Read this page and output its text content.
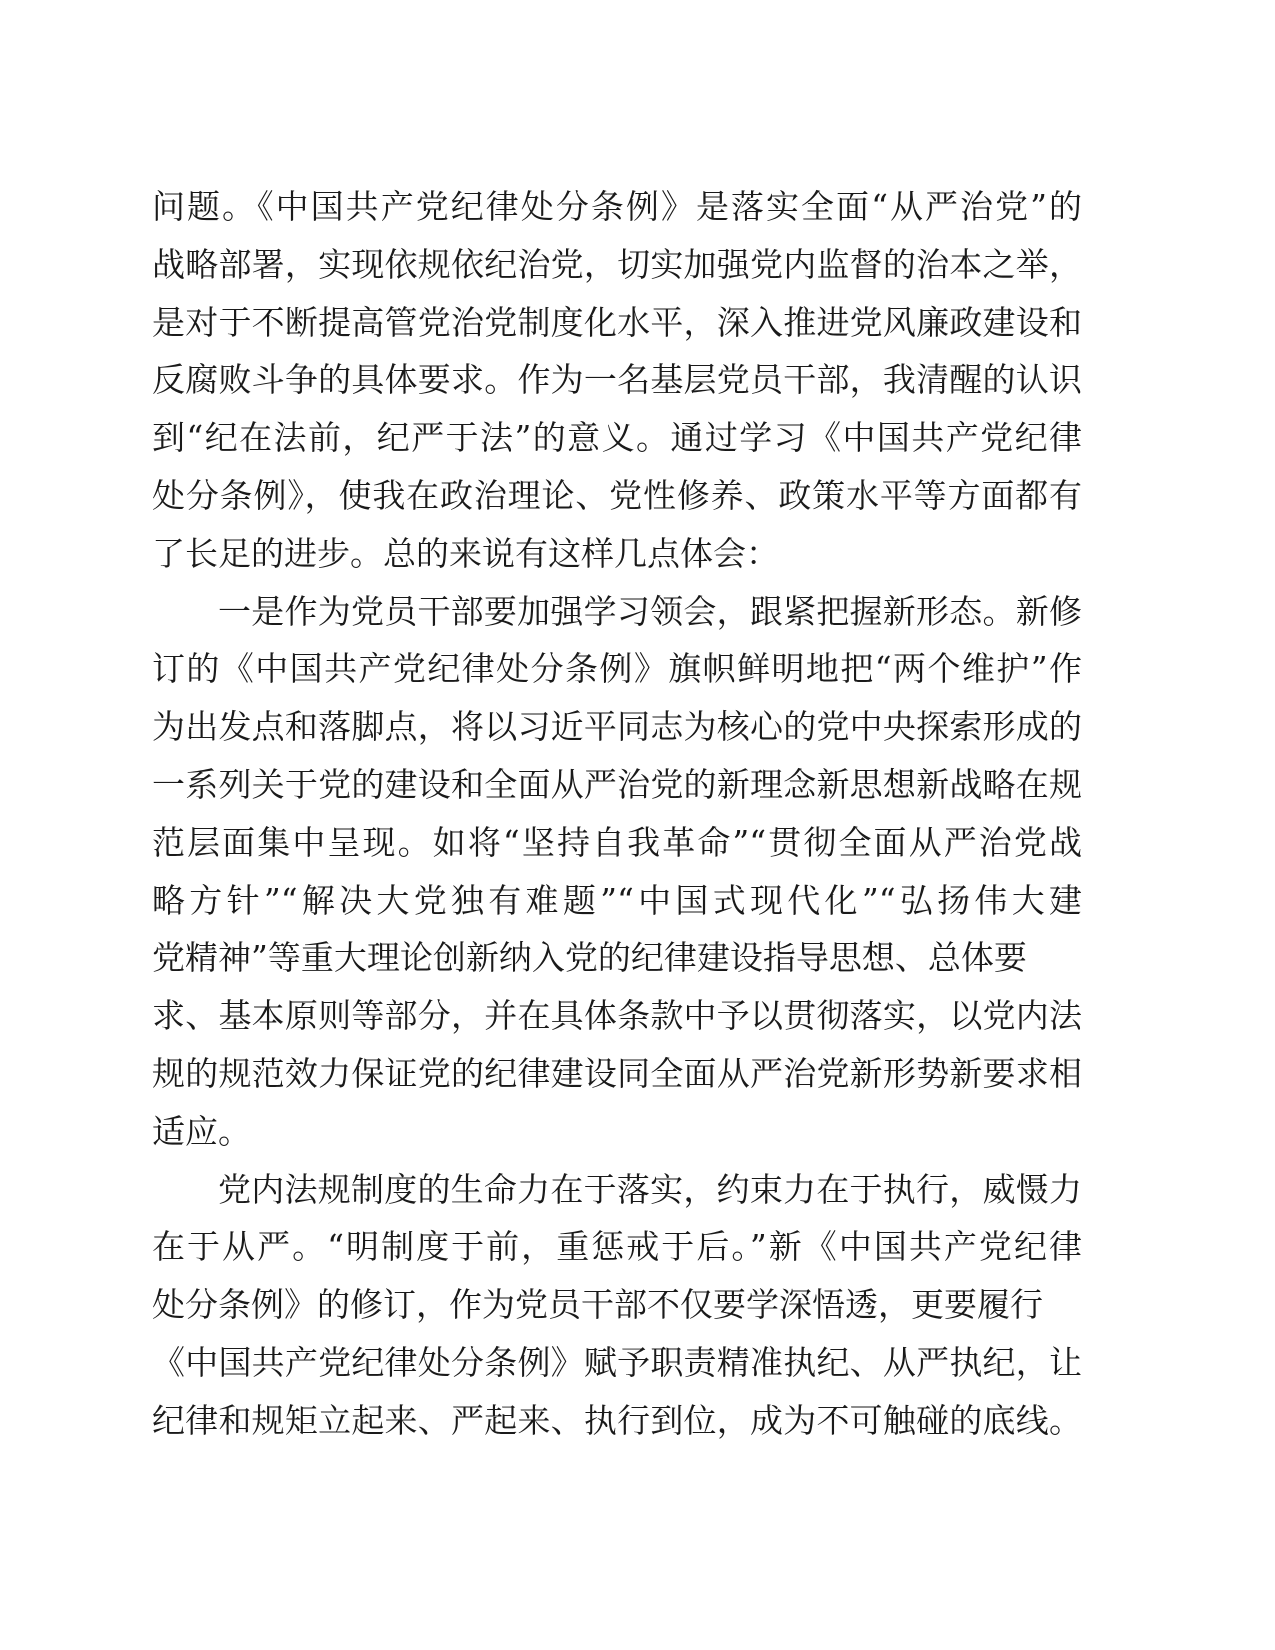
问题。《中国共产党纪律处分条例》是落实全面“从严治党”的
战略部署，实现依规依纪治党，切实加强党内监督的治本之举，
是对于不断提高管党治党制度化水平，深入推进党风廉政建设和
反腐败斗争的具体要求。作为一名基层党员干部，我清醒的认识
到“纪在法前，纪严于法”的意义。通过学习《中国共产党纪律
处分条例》，使我在政治理论、党性修养、政策水平等方面都有
了长足的进步。总的来说有这样几点体会：
一是作为党员干部要加强学习领会，跟紧把握新形态。新修
订的《中国共产党纪律处分条例》旗帜鲜明地把“两个维护”作
为出发点和落脚点，将以习近平同志为核心的党中央探索形成的
一系列关于党的建设和全面从严治党的新理念新思想新战略在规
范层面集中呈现。如将“坚持自我革命”“贯彻全面从严治党战
略方针”“解决大党独有难题”“中国式现代化”“弘扬伟大建
党精神”等重大理论创新纳入党的纪律建设指导思想、总体要
求、基本原则等部分，并在具体条款中予以贯彻落实，以党内法
规的规范效力保证党的纪律建设同全面从严治党新形势新要求相
适应。
党内法规制度的生命力在于落实，约束力在于执行，威慑力
在于从严。“明制度于前，重惩戒于后。”新《中国共产党纪律
处分条例》的修订，作为党员干部不仅要学深悟透，更要履行
《中国共产党纪律处分条例》赋予职责精准执纪、从严执纪，让
纪律和规矩立起来、严起来、执行到位，成为不可触碰的底线。
